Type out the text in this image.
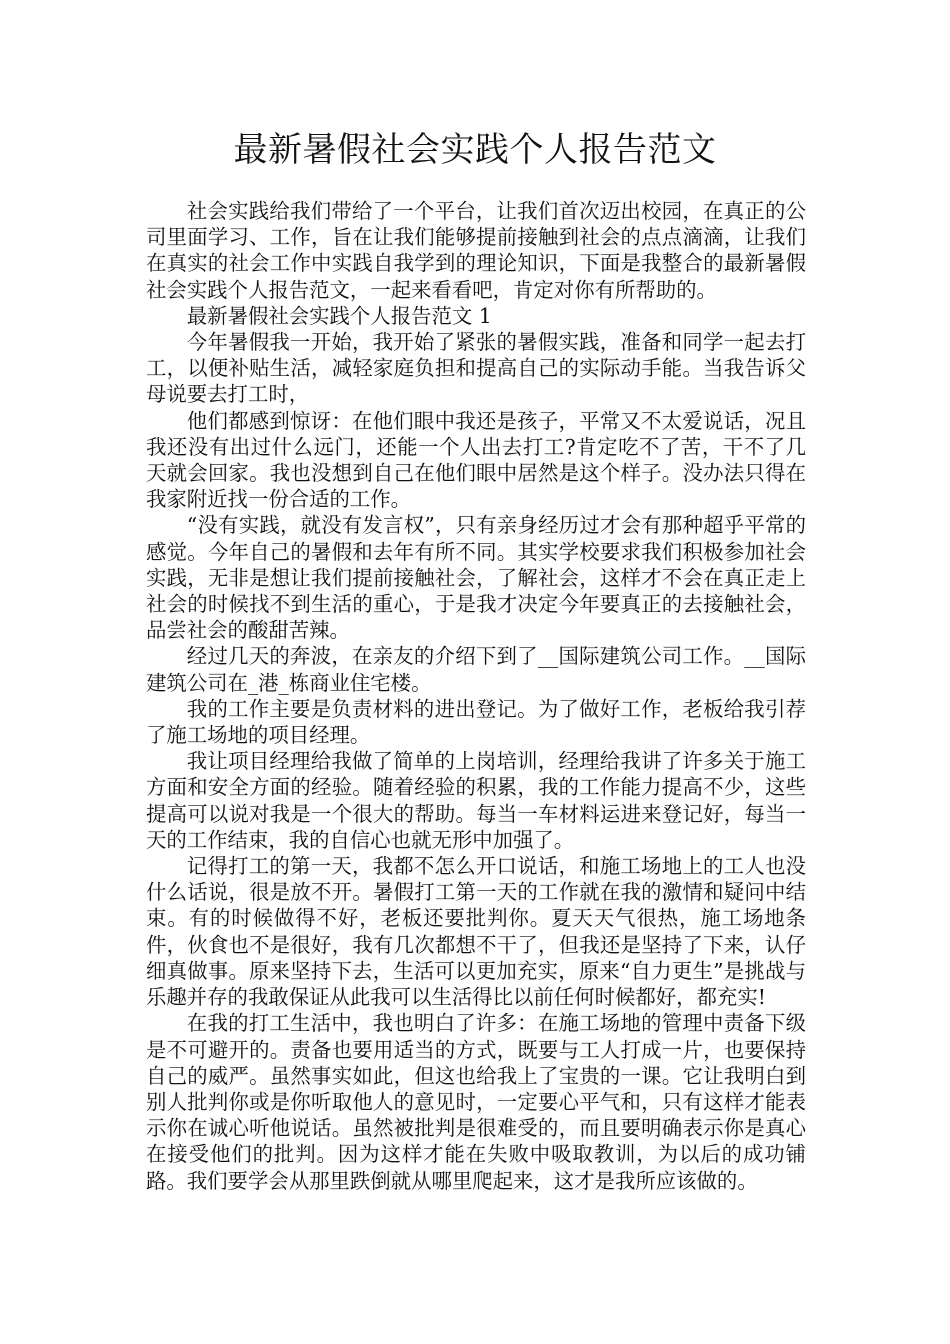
最新暑假社会实践个人报告范文

社会实践给我们带给了一个平台，让我们首次迈出校园，在真正的公司里面学习、工作，旨在让我们能够提前接触到社会的点点滴滴，让我们在真实的社会工作中实践自我学到的理论知识，下面是我整合的最新暑假社会实践个人报告范文，一起来看看吧，肯定对你有所帮助的。

最新暑假社会实践个人报告范文 1

今年暑假我一开始，我开始了紧张的暑假实践，准备和同学一起去打工，以便补贴生活，减轻家庭负担和提高自己的实际动手能。当我告诉父母说要去打工时，

他们都感到惊讶：在他们眼中我还是孩子，平常又不太爱说话，况且我还没有出过什么远门，还能一个人出去打工?肯定吃不了苦，干不了几天就会回家。我也没想到自己在他们眼中居然是这个样子。没办法只得在我家附近找一份合适的工作。

“没有实践，就没有发言权”，只有亲身经历过才会有那种超乎平常的感觉。今年自己的暑假和去年有所不同。其实学校要求我们积极参加社会实践，无非是想让我们提前接触社会，了解社会，这样才不会在真正走上社会的时候找不到生活的重心，于是我才决定今年要真正的去接触社会，品尝社会的酸甜苦辣。

经过几天的奔波，在亲友的介绍下到了__国际建筑公司工作。__国际建筑公司在_港_栋商业住宅楼。

我的工作主要是负责材料的进出登记。为了做好工作，老板给我引荐了施工场地的项目经理。

我让项目经理给我做了简单的上岗培训，经理给我讲了许多关于施工方面和安全方面的经验。随着经验的积累，我的工作能力提高不少，这些提高可以说对我是一个很大的帮助。每当一车材料运进来登记好，每当一天的工作结束，我的自信心也就无形中加强了。

记得打工的第一天，我都不怎么开口说话，和施工场地上的工人也没什么话说，很是放不开。暑假打工第一天的工作就在我的激情和疑问中结束。有的时候做得不好，老板还要批判你。夏天天气很热，施工场地条件，伙食也不是很好，我有几次都想不干了，但我还是坚持了下来，认仔细真做事。原来坚持下去，生活可以更加充实，原来“自力更生”是挑战与乐趣并存的我敢保证从此我可以生活得比以前任何时候都好，都充实!

在我的打工生活中，我也明白了许多：在施工场地的管理中责备下级是不可避开的。责备也要用适当的方式，既要与工人打成一片，也要保持自己的威严。虽然事实如此，但这也给我上了宝贵的一课。它让我明白到别人批判你或是你听取他人的意见时，一定要心平气和，只有这样才能表示你在诚心听他说话。虽然被批判是很难受的，而且要明确表示你是真心在接受他们的批判。因为这样才能在失败中吸取教训，为以后的成功铺路。我们要学会从那里跌倒就从哪里爬起来，这才是我所应该做的。
